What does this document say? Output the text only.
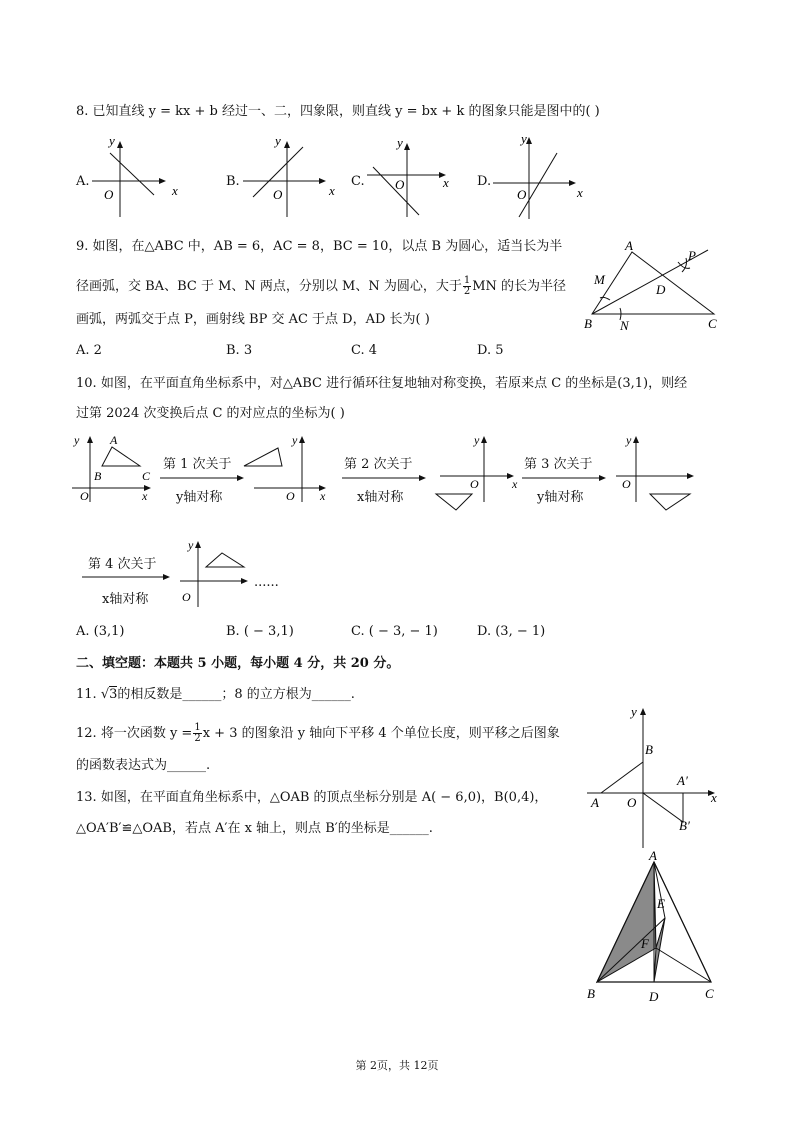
8. 已知直线 y = kx + b 经过一、二，四象限，则直线 y = bx + k 的图象只能是图中的( )
A.
y
x
O
B.
y
x
O
C.
y
x
O	D.
y
x
O
9. 如图，在△ABC 中，AB = 6，AC = 8，BC = 10，以点 B 为圆心，适当长为半
径画弧，交 BA、BC 于 M、N 两点，分别以 M、N 为圆心，大于 $\frac{1}{2}$ MN 的长为半径
画弧，两弧交于点 P，画射线 BP 交 AC 于点 D，AD 长为( )
A
B	C
D
M
N
P
A. 2	B. 3	C. 4	D. 5
10. 如图，在平面直角坐标系中，对△ABC 进行循环往复地轴对称变换，若原来点 C 的坐标是(3,1)，则经
过第 2024 次变换后点 C 的对应点的坐标为( )
y	A
B	C
O	x
y
O x
y
O	x
y
O
第 1 次关于
y轴对称
第 2 次关于
x轴对称
第 3 次关于
y轴对称
第 4 次关于
x轴对称
y
O
......
A. (3,1)	B. ( − 3,1)	C. ( − 3, − 1)	D. (3, − 1)
二、填空题：本题共 5 小题，每小题 4 分，共 20 分。
11. √3的相反数是______；8 的立方根为______.
12. 将一次函数 $y = \frac{1}{2}$ x + 3 的图象沿 y 轴向下平移 4 个单位长度，则平移之后图象
的函数表达式为______.
13. 如图，在平面直角坐标系中，△OAB 的顶点坐标分别是 A( − 6,0)，B(0,4)，
△OA′B′≌△OAB，若点 A′在 x 轴上，则点 B′的坐标是______.
y
B
A O
A′
B′
x
A
B	C
D
E
F
第 2页，共 12页
